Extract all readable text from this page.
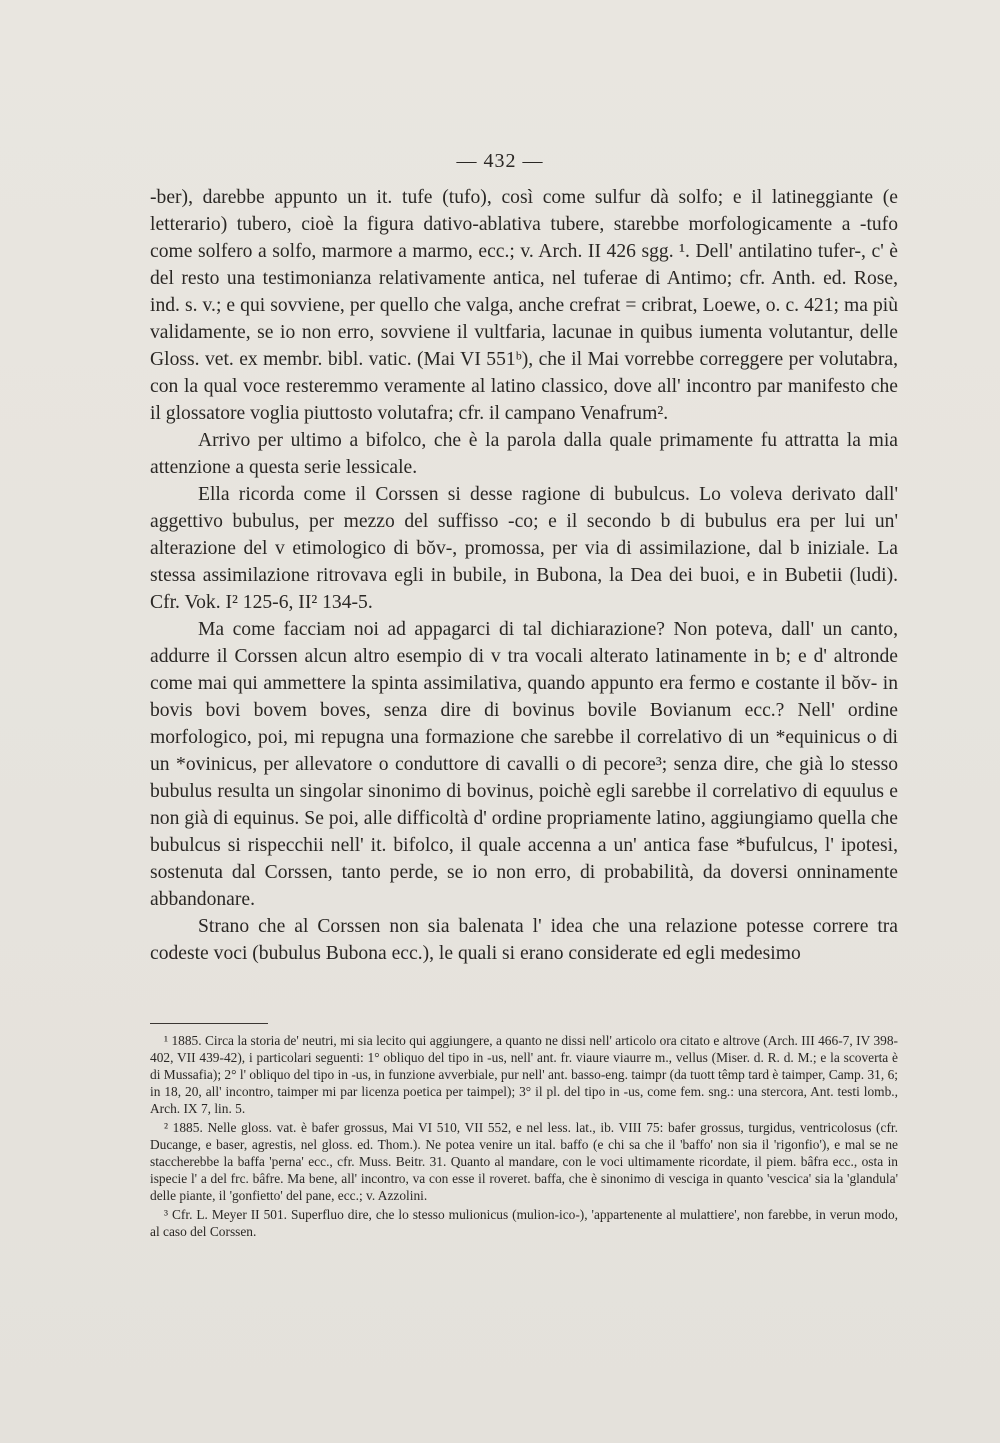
— 432 —

-ber), darebbe appunto un it. tufe (tufo), così come sulfur dà solfo; e il latineggiante (e letterario) tubero, cioè la figura dativo-ablativa tubere, starebbe morfologicamente a -tufo come solfero a solfo, marmore a marmo, ecc.; v. Arch. II 426 sgg. ¹. Dell' antilatino tufer-, c' è del resto una testimonianza relativamente antica, nel tuferae di Antimo; cfr. Anth. ed. Rose, ind. s. v.; e qui sovviene, per quello che valga, anche crefrat = cribrat, Loewe, o. c. 421; ma più validamente, se io non erro, sovviene il vultfaria, lacunae in quibus iumenta volutantur, delle Gloss. vet. ex membr. bibl. vatic. (Mai VI 551ᵇ), che il Mai vorrebbe correggere per volutabra, con la qual voce resteremmo veramente al latino classico, dove all' incontro par manifesto che il glossatore voglia piuttosto volutafra; cfr. il campano Venafrum².

Arrivo per ultimo a bifolco, che è la parola dalla quale primamente fu attratta la mia attenzione a questa serie lessicale.

Ella ricorda come il Corssen si desse ragione di bubulcus. Lo voleva derivato dall' aggettivo bubulus, per mezzo del suffisso -co; e il secondo b di bubulus era per lui un' alterazione del v etimologico di bŏv-, promossa, per via di assimilazione, dal b iniziale. La stessa assimilazione ritrovava egli in bubile, in Bubona, la Dea dei buoi, e in Bubetii (ludi). Cfr. Vok. I² 125-6, II² 134-5.

Ma come facciam noi ad appagarci di tal dichiarazione? Non poteva, dall' un canto, addurre il Corssen alcun altro esempio di v tra vocali alterato latinamente in b; e d' altronde come mai qui ammettere la spinta assimilativa, quando appunto era fermo e costante il bŏv- in bovis bovi bovem boves, senza dire di bovinus bovile Bovianum ecc.? Nell' ordine morfologico, poi, mi repugna una formazione che sarebbe il correlativo di un *equinicus o di un *ovinicus, per allevatore o conduttore di cavalli o di pecore³; senza dire, che già lo stesso bubulus resulta un singolar sinonimo di bovinus, poichè egli sarebbe il correlativo di equulus e non già di equinus. Se poi, alle difficoltà d' ordine propriamente latino, aggiungiamo quella che bubulcus si rispecchii nell' it. bifolco, il quale accenna a un' antica fase *bufulcus, l' ipotesi, sostenuta dal Corssen, tanto perde, se io non erro, di probabilità, da doversi onninamente abbandonare.

Strano che al Corssen non sia balenata l' idea che una relazione potesse correre tra codeste voci (bubulus Bubona ecc.), le quali si erano considerate ed egli medesimo

¹ 1885. Circa la storia de' neutri, mi sia lecito qui aggiungere, a quanto ne dissi nell' articolo ora citato e altrove (Arch. III 466-7, IV 398-402, VII 439-42), i particolari seguenti: 1° obliquo del tipo in -us, nell' ant. fr. viaure viaurre m., vellus (Miser. d. R. d. M.; e la scoverta è di Mussafia); 2° l' obliquo del tipo in -us, in funzione avverbiale, pur nell' ant. basso-eng. taimpr (da tuott têmp tard è taimper, Camp. 31, 6; in 18, 20, all' incontro, taimper mi par licenza poetica per taimpel); 3° il pl. del tipo in -us, come fem. sng.: una stercora, Ant. testi lomb., Arch. IX 7, lin. 5.

² 1885. Nelle gloss. vat. è bafer grossus, Mai VI 510, VII 552, e nel less. lat., ib. VIII 75: bafer grossus, turgidus, ventricolosus (cfr. Ducange, e baser, agrestis, nel gloss. ed. Thom.). Ne potea venire un ital. baffo (e chi sa che il 'baffo' non sia il 'rigonfio'), e mal se ne staccherebbe la baffa 'perna' ecc., cfr. Muss. Beitr. 31. Quanto al mandare, con le voci ultimamente ricordate, il piem. bâfra ecc., osta in ispecie l' a del frc. bâfre. Ma bene, all' incontro, va con esse il roveret. baffa, che è sinonimo di vesciga in quanto 'vescica' sia la 'glandula' delle piante, il 'gonfietto' del pane, ecc.; v. Azzolini.

³ Cfr. L. Meyer II 501. Superfluo dire, che lo stesso mulionicus (mulion-ico-), 'appartenente al mulattiere', non farebbe, in verun modo, al caso del Corssen.
